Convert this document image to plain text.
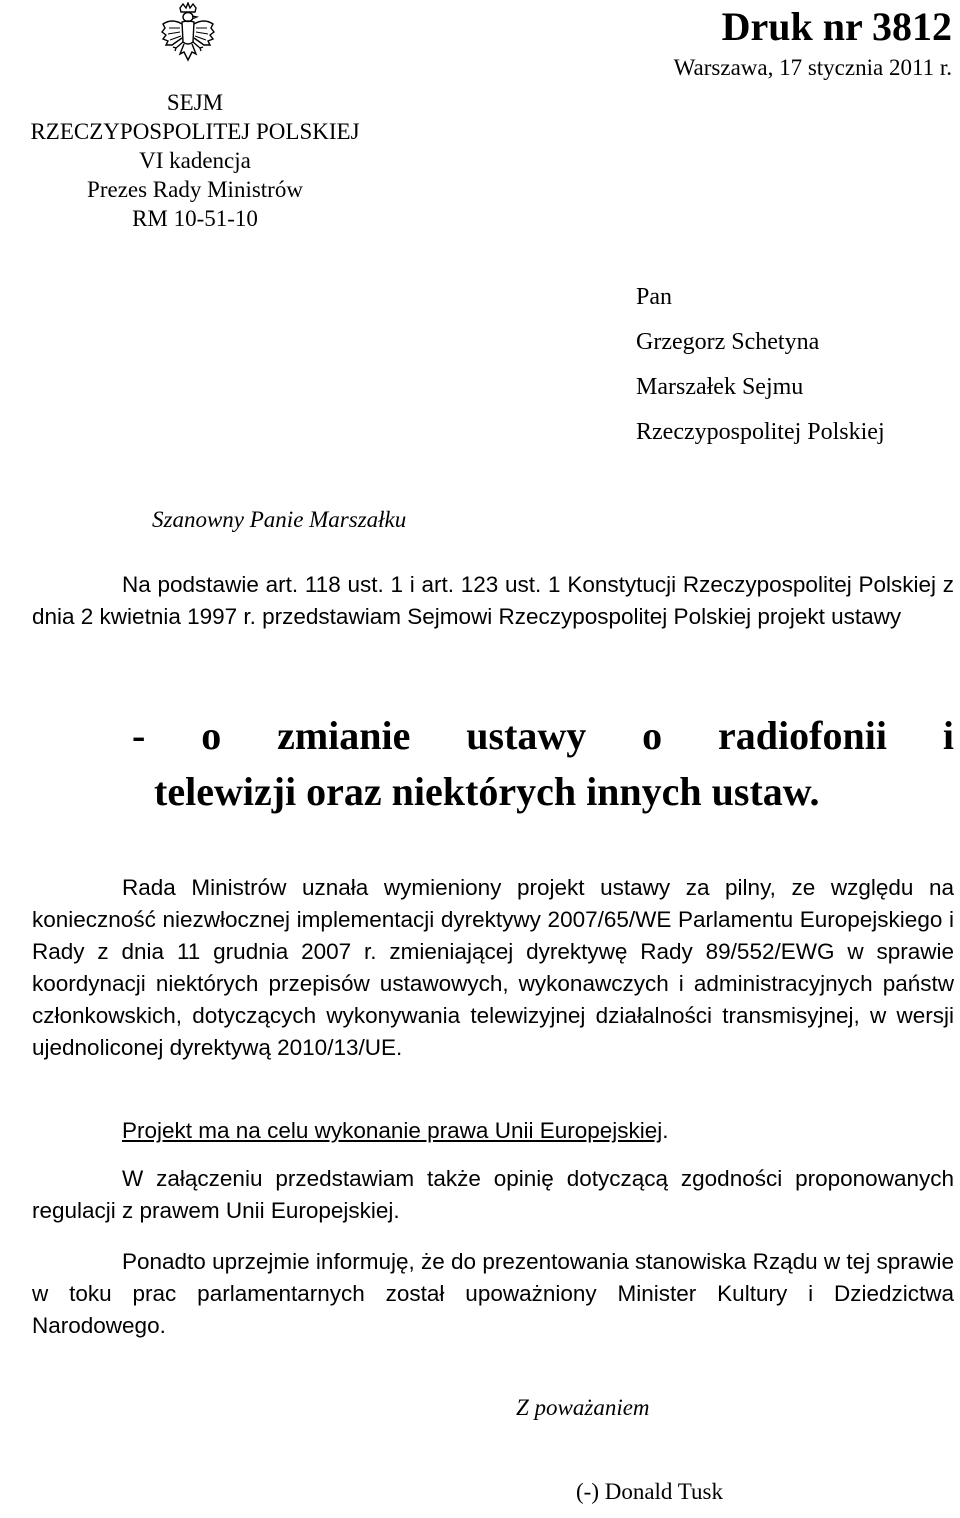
SEJM
RZECZYPOSPOLITEJ POLSKIEJ
VI kadencja
Prezes Rady Ministrów
RM 10-51-10
Druk nr 3812
Warszawa, 17 stycznia 2011 r.
Pan
Grzegorz Schetyna
Marszałek Sejmu
Rzeczypospolitej Polskiej
Szanowny Panie Marszałku
Na podstawie art. 118 ust. 1 i art. 123 ust. 1 Konstytucji Rzeczypospolitej Polskiej z dnia 2 kwietnia 1997 r. przedstawiam Sejmowi Rzeczypospolitej Polskiej projekt ustawy
- o zmianie ustawy o radiofonii i
telewizji oraz niektórych innych ustaw.
Rada Ministrów uznała wymieniony projekt ustawy za pilny, ze względu na konieczność niezwłocznej implementacji dyrektywy 2007/65/WE Parlamentu Europejskiego i Rady z dnia 11 grudnia 2007 r. zmieniającej dyrektywę Rady 89/552/EWG w sprawie koordynacji niektórych przepisów ustawowych, wykonawczych i administracyjnych państw członkowskich, dotyczących wykonywania telewizyjnej działalności transmisyjnej, w wersji ujednoliconej dyrektywą 2010/13/UE.
Projekt ma na celu wykonanie prawa Unii Europejskiej.
W załączeniu przedstawiam także opinię dotyczącą zgodności proponowanych regulacji z prawem Unii Europejskiej.
Ponadto uprzejmie informuję, że do prezentowania stanowiska Rządu w tej sprawie w toku prac parlamentarnych został upoważniony Minister Kultury i Dziedzictwa Narodowego.
Z poważaniem
(-) Donald Tusk
